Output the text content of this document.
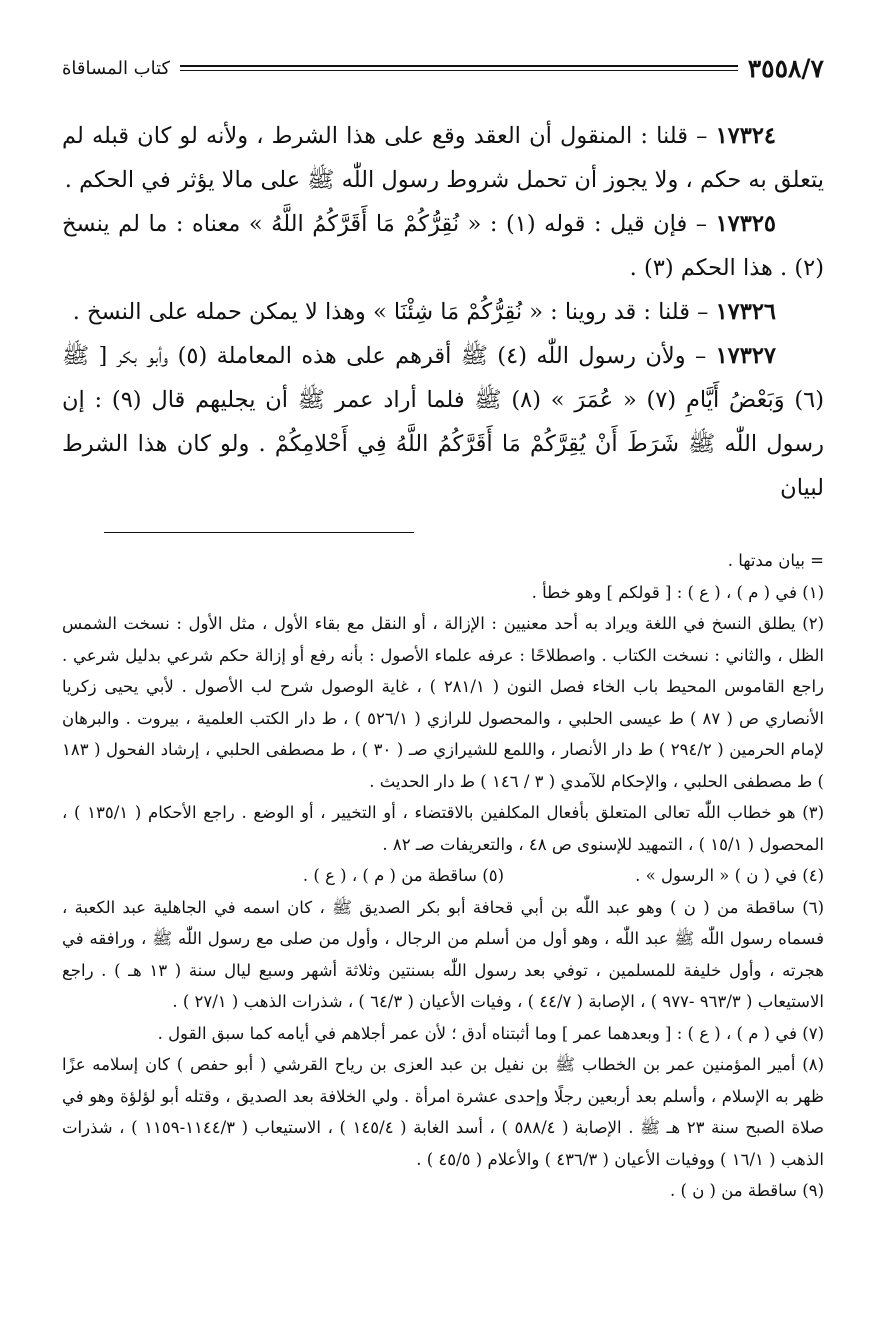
٣٥٥٨/٧
كتاب المساقاة

١٧٣٢٤ – قلنا : المنقول أن العقد وقع على هذا الشرط ، ولأنه لو كان قبله لم يتعلق به حكم ، ولا يجوز أن تحمل شروط رسول اللّٰه ﷺ على مالا يؤثر في الحكم .

١٧٣٢٥ – فإن قيل : قوله (١) : « نُقِرُّكُمْ مَا أَقَرَّكُمُ اللَّهُ » معناه : ما لم ينسخ (٢) . هذا الحكم (٣) .

١٧٣٢٦ – قلنا : قد روينا : « نُقِرُّكُمْ مَا شِئْنَا » وهذا لا يمكن حمله على النسخ .

١٧٣٢٧ – ولأن رسول اللّٰه (٤) ﷺ أقرهم على هذه المعاملة (٥) وأبو بكر [ ﷺ (٦) وَبَعْضُ أَيَّامِ (٧) « عُمَرَ » (٨) ﷺ فلما أراد عمر ﷺ أن يجليهم قال (٩) : إن رسول اللّٰه ﷺ شَرَطَ أَنْ يُقِرَّكُمْ مَا أَقَرَّكُمُ اللَّهُ فِي أَحْلامِكُمْ . ولو كان هذا الشرط لبيان

= بيان مدتها .

(١) في ( م ) ، ( ع ) : [ قولكم ] وهو خطأ .

(٢) يطلق النسخ في اللغة ويراد به أحد معنيين : الإزالة ، أو النقل مع بقاء الأول ، مثل الأول : نسخت الشمس الظل ، والثاني : نسخت الكتاب . واصطلاحًا : عرفه علماء الأصول : بأنه رفع أو إزالة حكم شرعي بدليل شرعي . راجع القاموس المحيط باب الخاء فصل النون ( ٢٨١/١ ) ، غاية الوصول شرح لب الأصول . لأبي يحيى زكريا الأنصاري ص ( ٨٧ ) ط عيسى الحلبي ، والمحصول للرازي ( ٥٢٦/١ ) ، ط دار الكتب العلمية ، بيروت . والبرهان لإمام الحرمين ( ٢٩٤/٢ ) ط دار الأنصار ، واللمع للشيرازي صـ ( ٣٠ ) ، ط مصطفى الحلبي ، إرشاد الفحول ( ١٨٣ ) ط مصطفى الحلبي ، والإحكام للآمدي ( ٣ / ١٤٦ ) ط دار الحديث .

(٣) هو خطاب اللّٰه تعالى المتعلق بأفعال المكلفين بالاقتضاء ، أو التخيير ، أو الوضع . راجع الأحكام ( ١٣٥/١ ) ، المحصول ( ١٥/١ ) ، التمهيد للإسنوى ص ٤٨ ، والتعريفات صـ ٨٢ .

(٤) في ( ن ) « الرسول » .
(٥) ساقطة من ( م ) ، ( ع ) .

(٦) ساقطة من ( ن ) وهو عبد اللّٰه بن أبي قحافة أبو بكر الصديق ﷺ ، كان اسمه في الجاهلية عبد الكعبة ، فسماه رسول اللّٰه ﷺ عبد اللّٰه ، وهو أول من أسلم من الرجال ، وأول من صلى مع رسول اللّٰه ﷺ ، ورافقه في هجرته ، وأول خليفة للمسلمين ، توفي بعد رسول اللّٰه بسنتين وثلاثة أشهر وسبع ليال سنة ( ١٣ هـ ) . راجع الاستيعاب ( ٩٦٣/٣ -٩٧٧ ) ، الإصابة ( ٤٤/٧ ) ، وفيات الأعيان ( ٦٤/٣ ) ، شذرات الذهب ( ٢٧/١ ) .

(٧) في ( م ) ، ( ع ) : [ وبعدهما عمر ] وما أثبتناه أدق ؛ لأن عمر أجلاهم في أيامه كما سبق القول .

(٨) أمير المؤمنين عمر بن الخطاب ﷺ بن نفيل بن عبد العزى بن رياح القرشي ( أبو حفص ) كان إسلامه عزًا ظهر به الإسلام ، وأسلم بعد أربعين رجلًا وإحدى عشرة امرأة . ولي الخلافة بعد الصديق ، وقتله أبو لؤلؤة وهو في صلاة الصبح سنة ٢٣ هـ ﷺ . الإصابة ( ٥٨٨/٤ ) ، أسد الغابة ( ١٤٥/٤ ) ، الاستيعاب ( ١١٤٤/٣-١١٥٩ ) ، شذرات الذهب ( ١٦/١ ) ووفيات الأعيان ( ٤٣٦/٣ ) والأعلام ( ٤٥/٥ ) .

(٩) ساقطة من ( ن ) .
